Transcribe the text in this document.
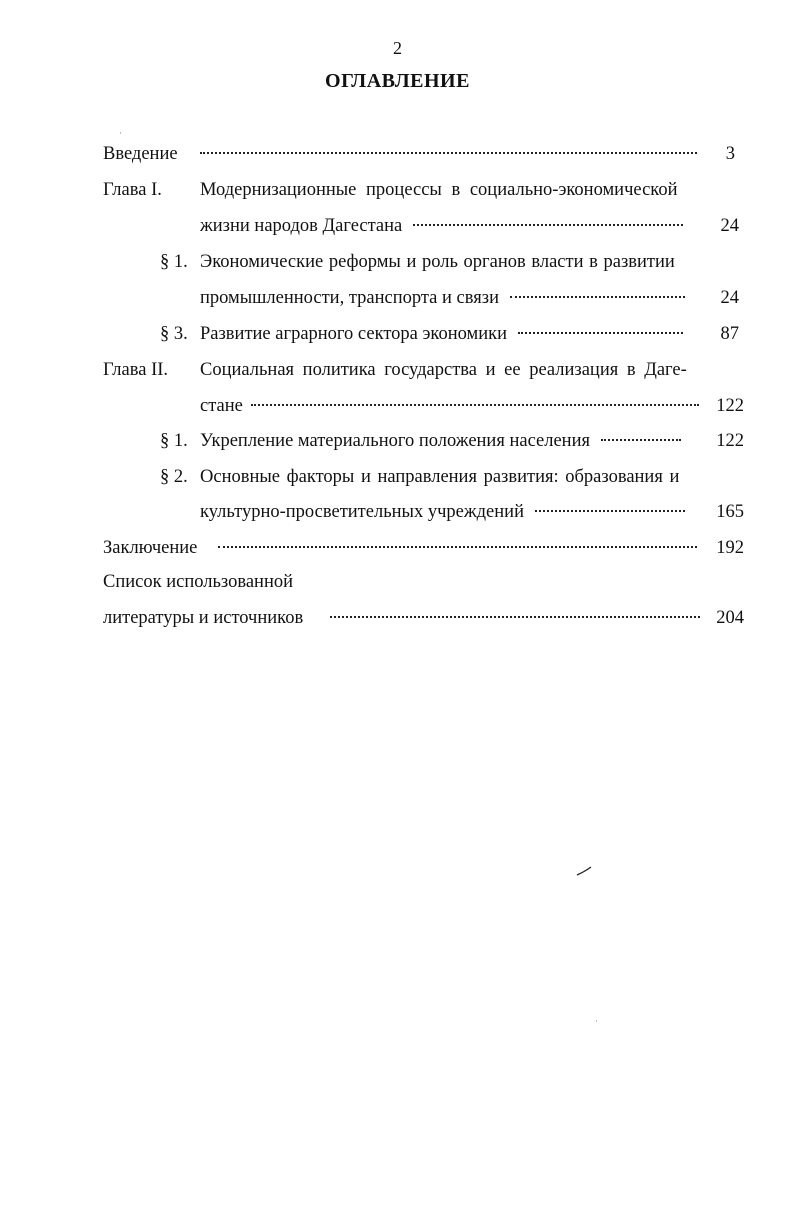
2
ОГЛАВЛЕНИЕ
Введение	3
Глава I. Модернизационные процессы в социально-экономической
жизни народов Дагестана	24
§ 1. Экономические реформы и роль органов власти в развитии
промышленности, транспорта и связи	24
§ 3. Развитие аграрного сектора экономики	87
Глава II. Социальная политика государства и ее реализация в Даге-
стане	122
§ 1. Укрепление материального положения населения	122
§ 2. Основные факторы и направления развития: образования и
культурно-просветительных учреждений	165
Заключение	192
Список использованной
литературы и источников	204
